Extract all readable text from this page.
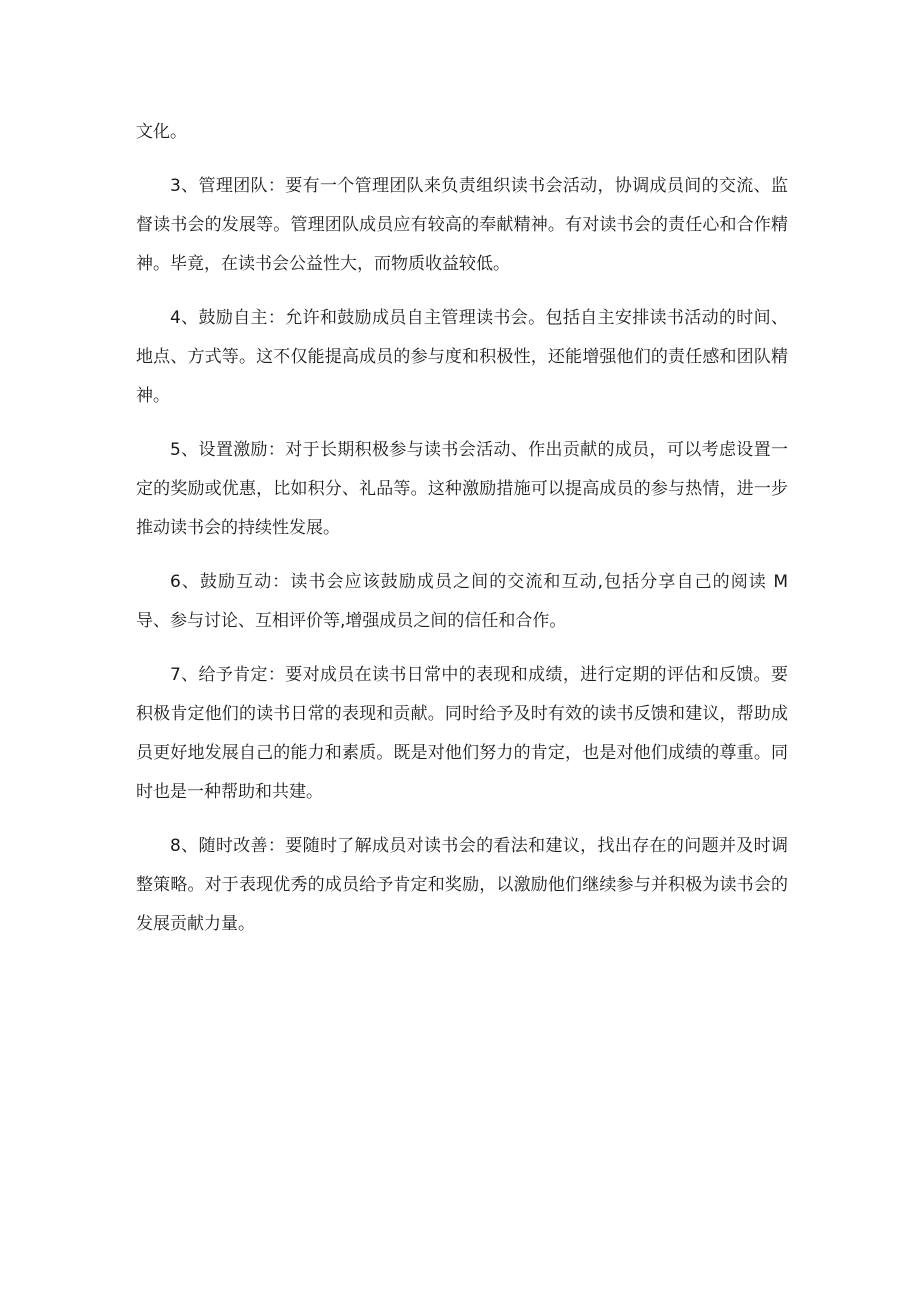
文化。

3、管理团队：要有一个管理团队来负责组织读书会活动，协调成员间的交流、监督读书会的发展等。管理团队成员应有较高的奉献精神。有对读书会的责任心和合作精神。毕竟，在读书会公益性大，而物质收益较低。

4、鼓励自主：允许和鼓励成员自主管理读书会。包括自主安排读书活动的时间、地点、方式等。这不仅能提高成员的参与度和积极性，还能增强他们的责任感和团队精神。

5、设置激励：对于长期积极参与读书会活动、作出贡献的成员，可以考虑设置一定的奖励或优惠，比如积分、礼品等。这种激励措施可以提高成员的参与热情，进一步推动读书会的持续性发展。

6、鼓励互动：读书会应该鼓励成员之间的交流和互动,包括分享自己的阅读 M 导、参与讨论、互相评价等,增强成员之间的信任和合作。

7、给予肯定：要对成员在读书日常中的表现和成绩，进行定期的评估和反馈。要积极肯定他们的读书日常的表现和贡献。同时给予及时有效的读书反馈和建议，帮助成员更好地发展自己的能力和素质。既是对他们努力的肯定，也是对他们成绩的尊重。同时也是一种帮助和共建。

8、随时改善：要随时了解成员对读书会的看法和建议，找出存在的问题并及时调整策略。对于表现优秀的成员给予肯定和奖励，以激励他们继续参与并积极为读书会的发展贡献力量。
